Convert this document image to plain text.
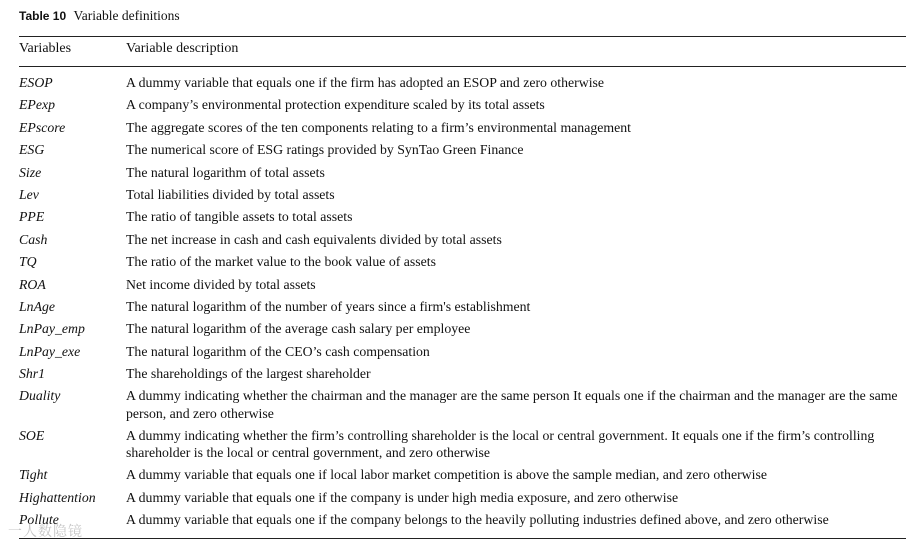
Table 10 Variable definitions
Variables	Variable description
ESOP	A dummy variable that equals one if the firm has adopted an ESOP and zero otherwise
EPexp	A company’s environmental protection expenditure scaled by its total assets
EPscore	The aggregate scores of the ten components relating to a firm’s environmental management
ESG	The numerical score of ESG ratings provided by SynTao Green Finance
Size	The natural logarithm of total assets
Lev	Total liabilities divided by total assets
PPE	The ratio of tangible assets to total assets
Cash	The net increase in cash and cash equivalents divided by total assets
TQ	The ratio of the market value to the book value of assets
ROA	Net income divided by total assets
LnAge	The natural logarithm of the number of years since a firm's establishment
LnPay_emp	The natural logarithm of the average cash salary per employee
LnPay_exe	The natural logarithm of the CEO’s cash compensation
Shr1	The shareholdings of the largest shareholder
Duality	A dummy indicating whether the chairman and the manager are the same person It equals one if the chairman and the manager are the same person, and zero otherwise
SOE	A dummy indicating whether the firm’s controlling shareholder is the local or central government. It equals one if the firm’s controlling shareholder is the local or central government, and zero otherwise
Tight	A dummy variable that equals one if local labor market competition is above the sample median, and zero otherwise
Highattention	A dummy variable that equals one if the company is under high media exposure, and zero otherwise
Pollute	A dummy variable that equals one if the company belongs to the heavily polluting industries defined above, and zero otherwise
一人数隐镜
